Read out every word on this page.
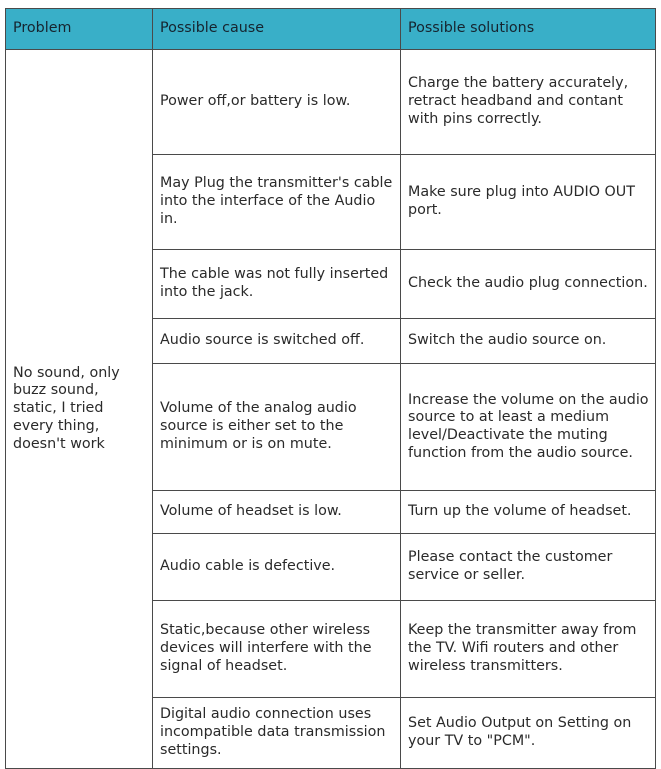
Problem	Possible cause	Possible solutions
No sound, only buzz sound, static, I tried every thing, doesn't work	Power off,or battery is low.	Charge the battery accurately, retract headband and contant with pins correctly.
	May Plug the transmitter's cable into the interface of the Audio in.	Make sure plug into AUDIO OUT port.
	The cable was not fully inserted into the jack.	Check the audio plug connection.
	Audio source is switched off.	Switch the audio source on.
	Volume of the analog audio source is either set to the minimum or is on mute.	Increase the volume on the audio source to at least a medium level/Deactivate the muting function from the audio source.
	Volume of headset is low.	Turn up the volume of headset.
	Audio cable is defective.	Please contact the customer service or seller.
	Static,because other wireless devices will interfere with the signal of headset.	Keep the transmitter away from the TV. Wifi routers and other wireless transmitters.
	Digital audio connection uses incompatible data transmission settings.	Set Audio Output on Setting on your TV to "PCM".
